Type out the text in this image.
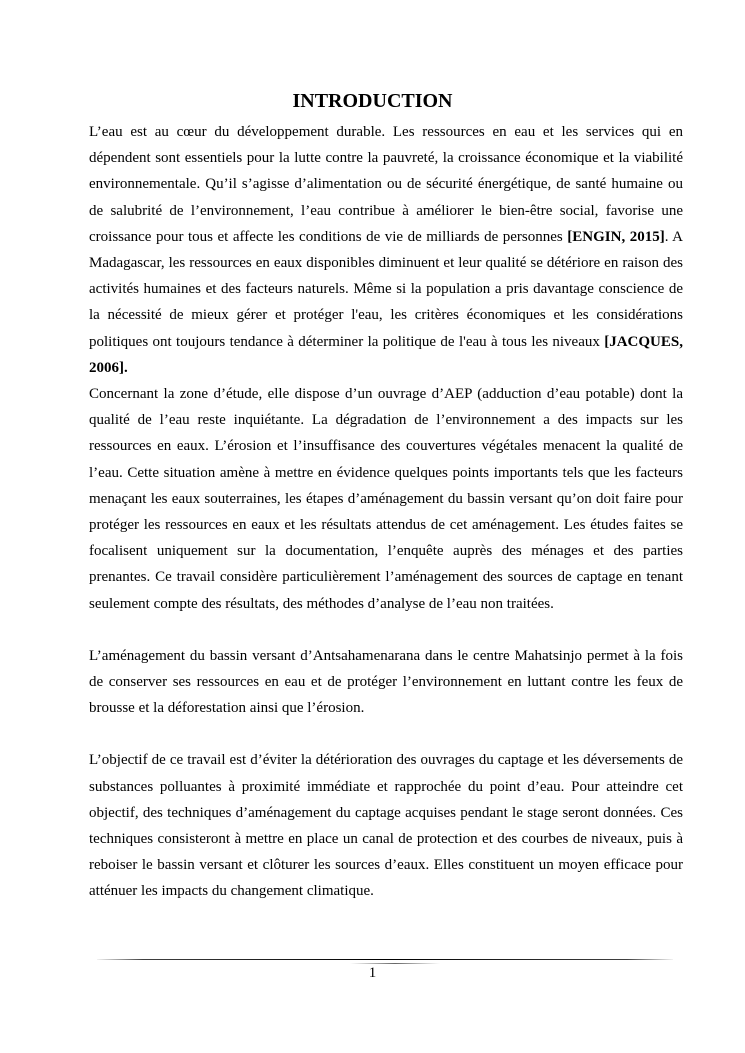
INTRODUCTION

L’eau est au cœur du développement durable. Les ressources en eau et les services qui en dépendent sont essentiels pour la lutte contre la pauvreté, la croissance économique et la viabilité environnementale. Qu’il s’agisse d’alimentation ou de sécurité énergétique, de santé humaine ou de salubrité de l’environnement, l’eau contribue à améliorer le bien-être social, favorise une croissance pour tous et affecte les conditions de vie de milliards de personnes [ENGIN, 2015]. A Madagascar, les ressources en eaux disponibles diminuent et leur qualité se détériore en raison des activités humaines et des facteurs naturels. Même si la population a pris davantage conscience de la nécessité de mieux gérer et protéger l'eau, les critères économiques et les considérations politiques ont toujours tendance à déterminer la politique de l'eau à tous les niveaux [JACQUES, 2006].

Concernant la zone d’étude, elle dispose d’un ouvrage d’AEP (adduction d’eau potable) dont la qualité de l’eau reste inquiétante. La dégradation de l’environnement a des impacts sur les ressources en eaux. L’érosion et l’insuffisance des couvertures végétales menacent la qualité de l’eau. Cette situation amène à mettre en évidence quelques points importants tels que les facteurs menaçant les eaux souterraines, les étapes d’aménagement du bassin versant qu’on doit faire pour protéger les ressources en eaux et les résultats attendus de cet aménagement. Les études faites se focalisent uniquement sur la documentation, l’enquête auprès des ménages et des parties prenantes. Ce travail considère particulièrement l’aménagement des sources de captage en tenant seulement compte des résultats, des méthodes d’analyse de l’eau non traitées.

L’aménagement du bassin versant d’Antsahamenarana dans le centre Mahatsinjo permet à la fois de conserver ses ressources en eau et de protéger l’environnement en luttant contre les feux de brousse et la déforestation ainsi que l’érosion.

L’objectif de ce travail est d’éviter la détérioration des ouvrages du captage et les déversements de substances polluantes à proximité immédiate et rapprochée du point d’eau. Pour atteindre cet objectif, des techniques d’aménagement du captage acquises pendant le stage seront données. Ces techniques consisteront à mettre en place un canal de protection et des courbes de niveaux, puis à reboiser le bassin versant et clôturer les sources d’eaux. Elles constituent un moyen efficace pour atténuer les impacts du changement climatique.

1
